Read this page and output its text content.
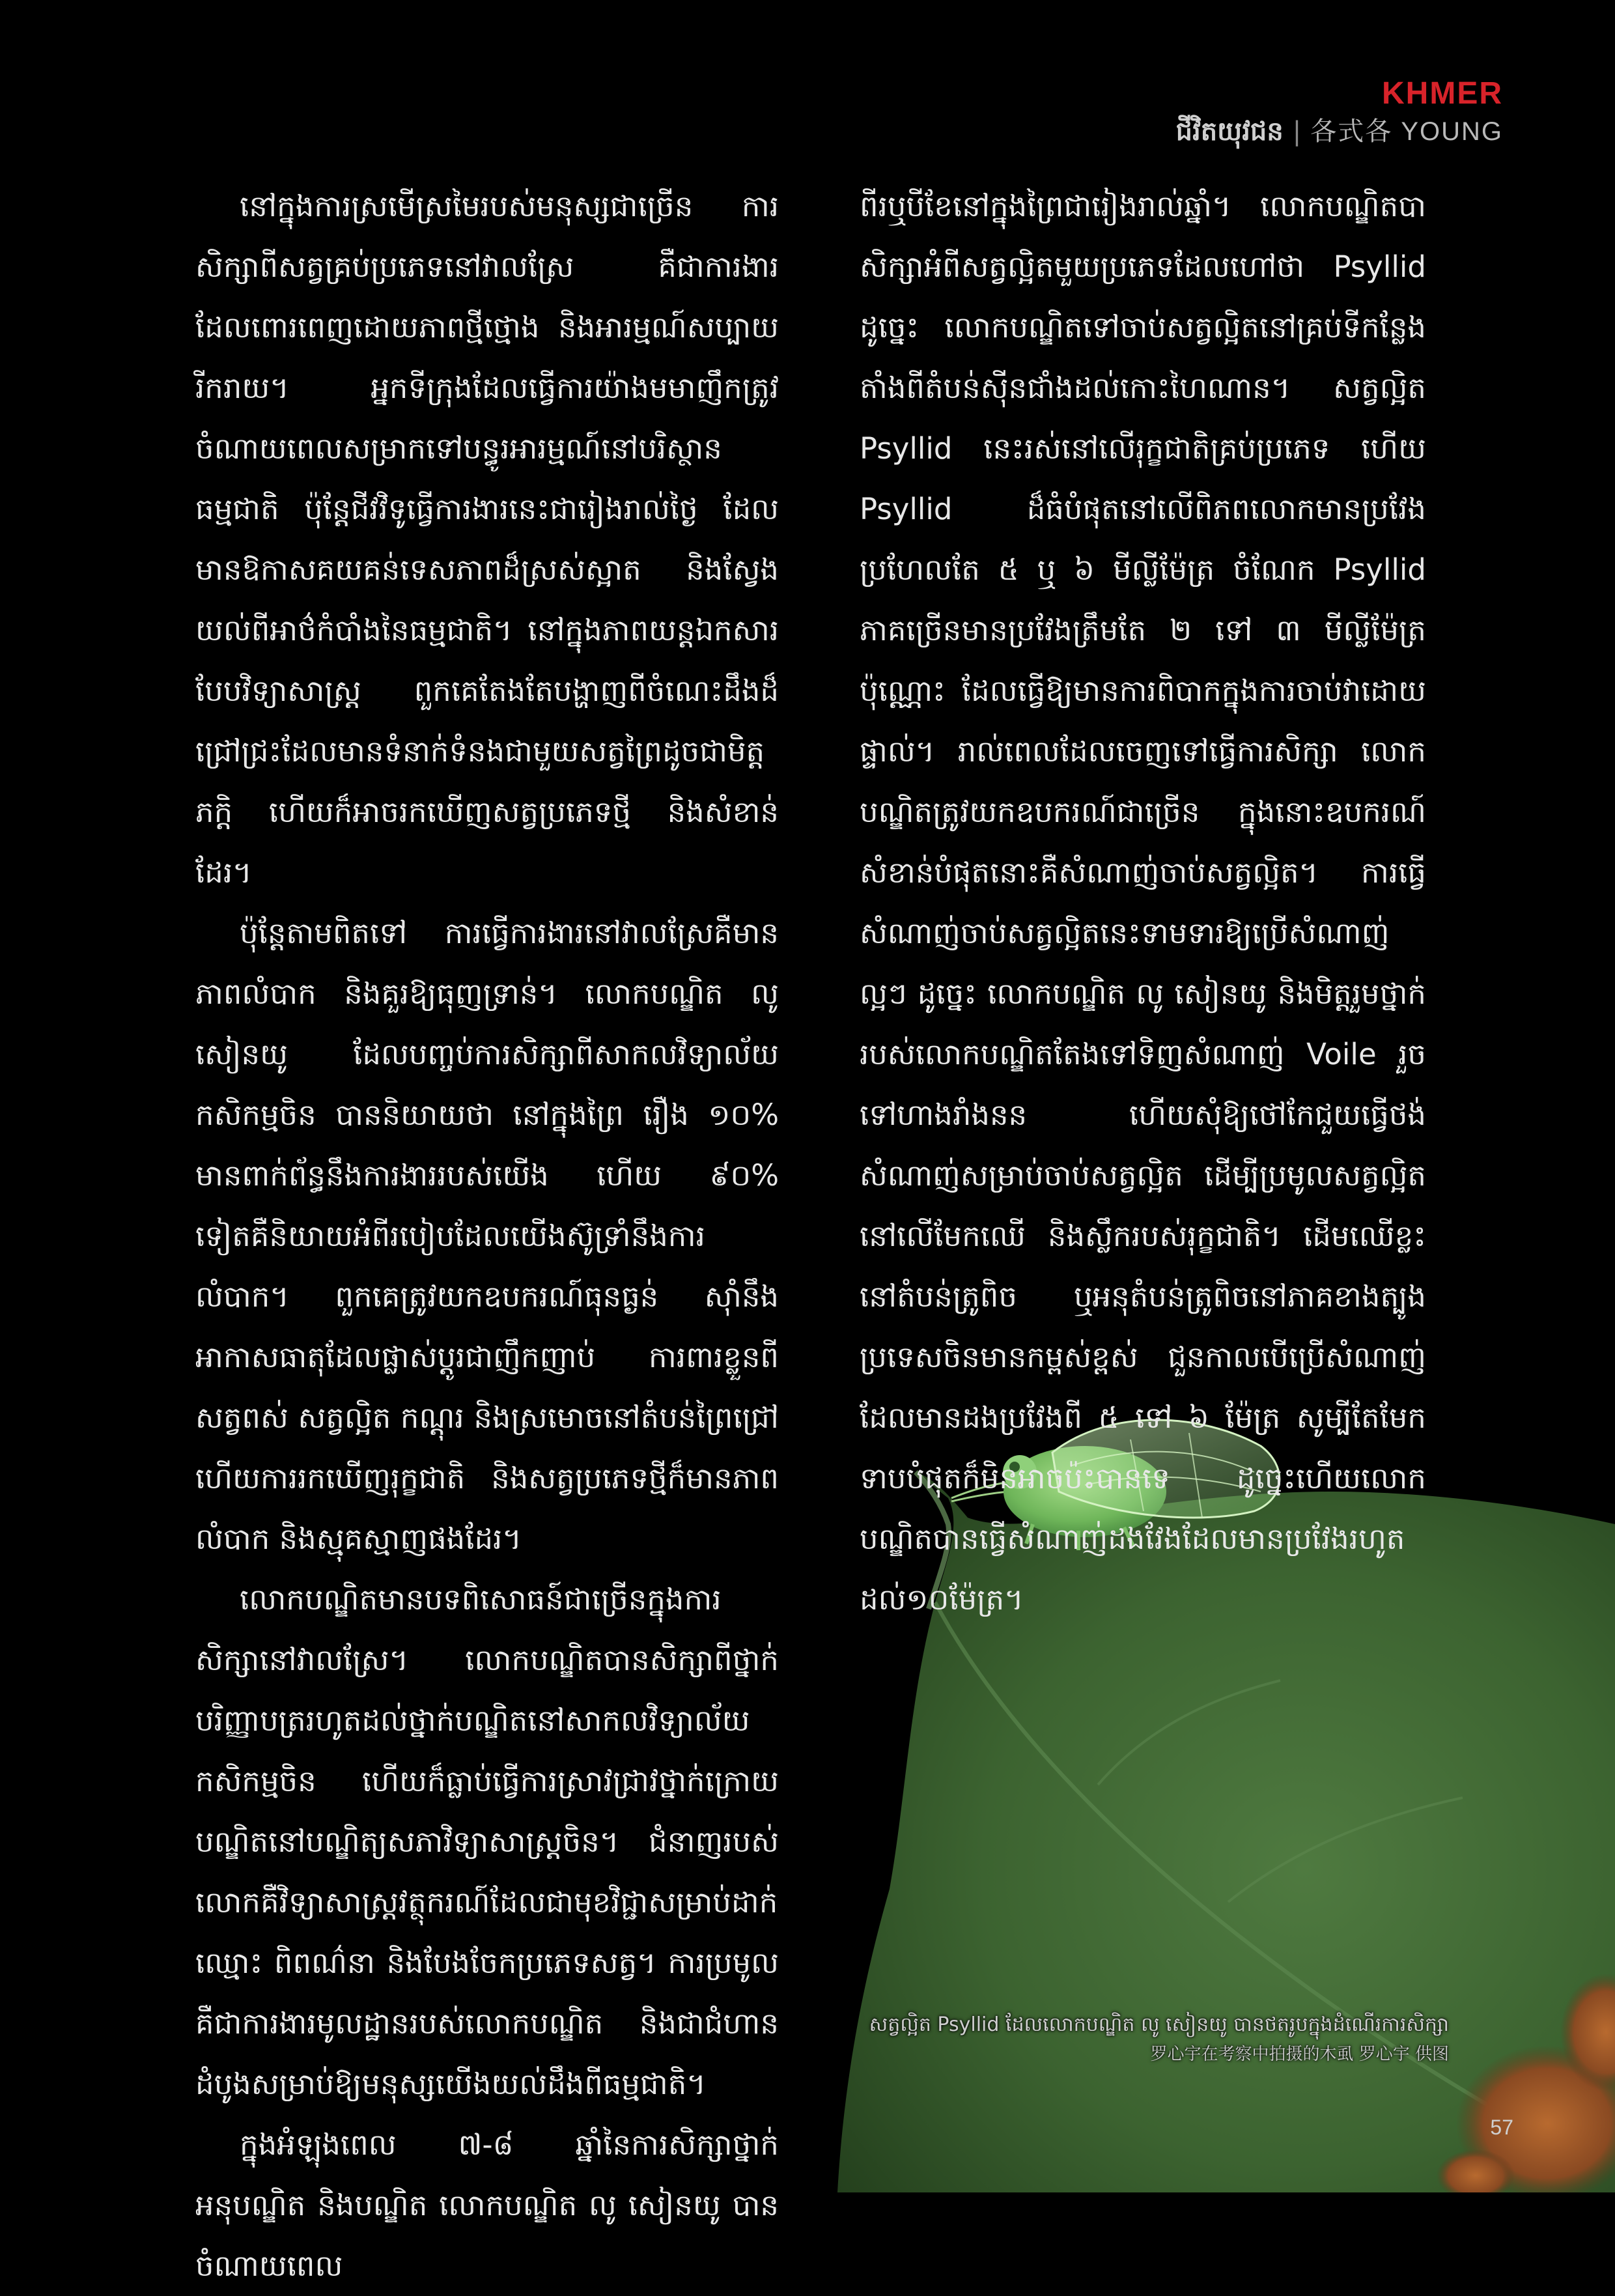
KHMER
ជីវិតយុវជន | 各式各 YOUNG

នៅក្នុងការស្រមើស្រមៃរបស់មនុស្សជាច្រើន ការសិក្សាពីសត្វគ្រប់ប្រភេទនៅវាលស្រែ គឺជាការងារដែលពោរពេញដោយភាពថ្មីថ្មោង និងអារម្មណ៍សប្បាយរីករាយ។ អ្នកទីក្រុងដែលធ្វើការយ៉ាងមមាញឹកត្រូវចំណាយពេលសម្រាកទៅបន្ធូរអារម្មណ៍នៅបរិស្ថានធម្មជាតិ ប៉ុន្តែជីវវិទូធ្វើការងារនេះជារៀងរាល់ថ្ងៃ ដែលមានឱកាសគយគន់ទេសភាពដ៏ស្រស់ស្អាត និងស្វែងយល់ពីអាថ៌កំបាំងនៃធម្មជាតិ។ នៅក្នុងភាពយន្តឯកសារបែបវិទ្យាសាស្ត្រ ពួកគេតែងតែបង្ហាញពីចំណេះដឹងដ៏ជ្រៅជ្រះដែលមានទំនាក់ទំនងជាមួយសត្វព្រៃដូចជាមិត្តភក្តិ ហើយក៏អាចរកឃើញសត្វប្រភេទថ្មី និងសំខាន់ដែរ។

ប៉ុន្តែតាមពិតទៅ ការធ្វើការងារនៅវាលស្រែគឺមានភាពលំបាក និងគួរឱ្យធុញទ្រាន់។ លោកបណ្ឌិត លូ សៀនយូ ដែលបញ្ចប់ការសិក្សាពីសាកលវិទ្យាល័យកសិកម្មចិន បាននិយាយថា នៅក្នុងព្រៃ រឿង ១០% មានពាក់ព័ន្ធនឹងការងាររបស់យើង ហើយ ៩០% ទៀតគឺនិយាយអំពីរបៀបដែលយើងស៊ូទ្រាំនឹងការលំបាក។ ពួកគេត្រូវយកឧបករណ៍ធុនធ្ងន់ ស៊ាំនឹងអាកាសធាតុដែលផ្លាស់ប្តូរជាញឹកញាប់ ការពារខ្លួនពីសត្វពស់ សត្វល្អិត កណ្តុរ និងស្រមោចនៅតំបន់ព្រៃជ្រៅ ហើយការរកឃើញរុក្ខជាតិ និងសត្វប្រភេទថ្មីក៏មានភាពលំបាក និងស្មុគស្មាញផងដែរ។

លោកបណ្ឌិតមានបទពិសោធន៍ជាច្រើនក្នុងការសិក្សានៅវាលស្រែ។ លោកបណ្ឌិតបានសិក្សាពីថ្នាក់បរិញ្ញាបត្ររហូតដល់ថ្នាក់បណ្ឌិតនៅសាកលវិទ្យាល័យកសិកម្មចិន ហើយក៏ធ្លាប់ធ្វើការស្រាវជ្រាវថ្នាក់ក្រោយបណ្ឌិតនៅបណ្ឌិត្យសភាវិទ្យាសាស្ត្រចិន។ ជំនាញរបស់លោកគឺវិទ្យាសាស្ត្រវត្ថុករណ៍ដែលជាមុខវិជ្ជាសម្រាប់ដាក់ឈ្មោះ ពិពណ៌នា និងបែងចែកប្រភេទសត្វ។ ការប្រមូលគឺជាការងារមូលដ្ឋានរបស់លោកបណ្ឌិត និងជាជំហានដំបូងសម្រាប់ឱ្យមនុស្សយើងយល់ដឹងពីធម្មជាតិ។

ក្នុងអំឡុងពេល ៧-៨ ឆ្នាំនៃការសិក្សាថ្នាក់អនុបណ្ឌិត និងបណ្ឌិត លោកបណ្ឌិត លូ សៀនយូ បានចំណាយពេល

ពីរឬបីខែនៅក្នុងព្រៃជារៀងរាល់ឆ្នាំ។ លោកបណ្ឌិតបាសិក្សាអំពីសត្វល្អិតមួយប្រភេទដែលហៅថា Psyllid ដូច្នេះ លោកបណ្ឌិតទៅចាប់សត្វល្អិតនៅគ្រប់ទីកន្លែង តាំងពីតំបន់ស៊ីនជាំងដល់កោះហៃណាន។ សត្វល្អិត Psyllid នេះរស់នៅលើរុក្ខជាតិគ្រប់ប្រភេទ ហើយ Psyllid ដ៏ធំបំផុតនៅលើពិភពលោកមានប្រវែងប្រហែលតែ ៥ ឬ ៦ មីល្លីម៉ែត្រ ចំណែក Psyllid ភាគច្រើនមានប្រវែងត្រឹមតែ ២ ទៅ ៣ មីល្លីម៉ែត្រប៉ុណ្ណោះ ដែលធ្វើឱ្យមានការពិបាកក្នុងការចាប់វាដោយផ្ទាល់។ រាល់ពេលដែលចេញទៅធ្វើការសិក្សា លោកបណ្ឌិតត្រូវយកឧបករណ៍ជាច្រើន ក្នុងនោះឧបករណ៍សំខាន់បំផុតនោះគឺសំណាញ់ចាប់សត្វល្អិត។ ការធ្វើសំណាញ់ចាប់សត្វល្អិតនេះទាមទារឱ្យប្រើសំណាញ់ល្អៗ ដូច្នេះ លោកបណ្ឌិត លូ សៀនយូ និងមិត្តរួមថ្នាក់របស់លោកបណ្ឌិតតែងទៅទិញសំណាញ់ Voile រួចទៅហាងរាំងនន ហើយសុំឱ្យថៅកែជួយធ្វើថង់សំណាញ់សម្រាប់ចាប់សត្វល្អិត ដើម្បីប្រមូលសត្វល្អិតនៅលើមែកឈើ និងស្លឹករបស់រុក្ខជាតិ។ ដើមឈើខ្លះនៅតំបន់ត្រូពិច ឬអនុតំបន់ត្រូពិចនៅភាគខាងត្បូងប្រទេសចិនមានកម្ពស់ខ្ពស់ ជួនកាលបើប្រើសំណាញ់ដែលមានដងប្រវែងពី ៥ ទៅ ៦ ម៉ែត្រ សូម្បីតែមែកទាបបំផុតក៏មិនអាចប៉ះបានទេ ដូច្នេះហើយលោកបណ្ឌិតបានធ្វើសំណាញ់ដងវែងដែលមានប្រវែងរហូតដល់១០ម៉ែត្រ។

សត្វល្អិត Psyllid ដែលលោកបណ្ឌិត លូ សៀនយូ បានថតរូបក្នុងដំណើរការសិក្សា
罗心宇在考察中拍摄的木虱 罗心宇 供图
57
